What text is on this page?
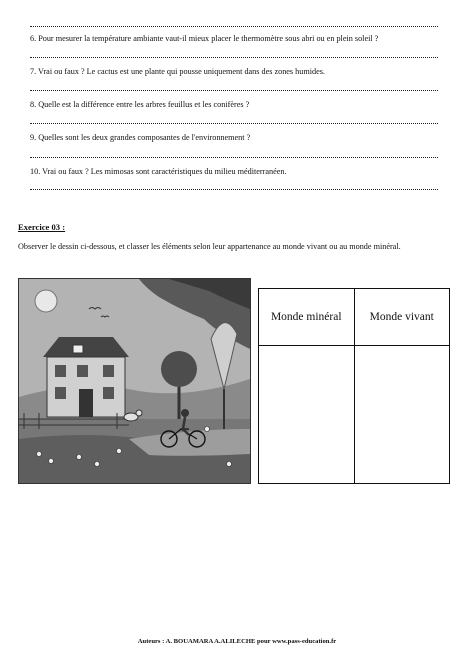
6. Pour mesurer la température ambiante vaut-il mieux placer le thermomètre sous abri ou en plein soleil ?
7. Vrai ou faux ? Le cactus est une plante qui pousse uniquement dans des zones humides.
8. Quelle est la différence entre les arbres feuillus et les conifères ?
9. Quelles sont les deux grandes composantes de l'environnement ?
10. Vrai ou faux ? Les mimosas sont caractéristiques du milieu méditerranéen.
Exercice 03 :
Observer le dessin ci-dessous, et classer les éléments selon leur appartenance au monde vivant ou au monde minéral.
Monde minéral	Monde vivant

Auteurs : A. BOUAMARA A.ALILECHE pour www.pass-education.fr
